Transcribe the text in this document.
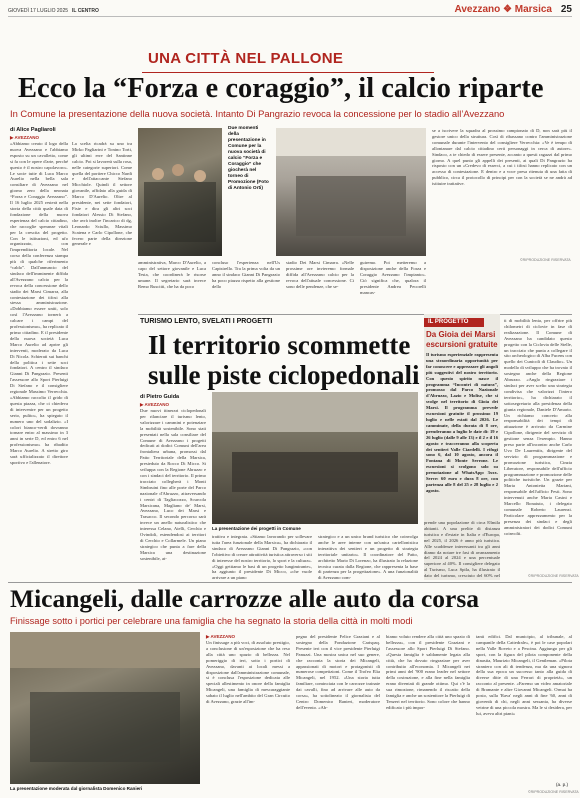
GIOVEDÌ 17 LUGLIO 2025 IL CENTRO	Avezzano ❖ Marsica 25
UNA CITTÀ NEL PALLONE
Ecco la “Forza e coraggio”, il calcio riparte
In Comune la presentazione della nuova società. Intanto Di Pangrazio revoca la concessione per lo stadio all’Avezzano
di Alice Pagliaroli
▶ AVEZZANO
«Abbiamo creato il logo della nuova Avezzano e l'abbiamo esposto su un cavalletto, come si fa con le opere d'arte, perché questo è il nostro capolavoro». Le socie tutte di Luca Marco Aurelio nella bella sala consiliare di Avezzano nel giorno zero della neonata “Forza e Coraggio Avezzano”. Il 16 luglio 2025 resterà nella storia della città quale data di fondazione della nuova esperienza del calcio cittadino, che raccoglie speranze vitali per la crescita del progetto. Con le istituzioni, ed ufo organizzato, con l'imprenditoria locale. Nel corso della conferenza stampa più di qualche riferimento “caldo”. Dall'annuncio del sindaco dell'imminente diffida all'Avezzano calcio per la revoca della concessione dello stadio dei Marsi Cimarra, alla contestazione dei tifosi alla stessa amministrazione. «Dobbiamo essere uniti, solo così l'Avezzano tornerà a calcare i campi del professionismo», ha replicato il primo cittadino. E il presidente della nuova società Luca Marco Aurelio ad aprire gli interventi, moderato da Luca Di Nicola. Schierati sui banchi della politica i sette soci fondatori. A centro il sindaco Gianni Di Pangrazio. Presenti l'assessore allo Sport Pierluigi Di Stefano e il consigliere regionale Massimo Verrecchia. «Abbiamo raccolto il grido di questa piazza, che ci chiedeva di intervenire per un progetto serio, pulito», ha spiegato il numero uno del sodalizio. «I colori bianco-verdi dovranno tornare entro al massimo in 3 anni in serie D, ed entro 6 nel professionismo» ha ribadito Marco Aurelio. A stretto giro sarà ufficializzato il direttore sportivo e l'allenatore.
La scelta ricadrà su uno tra Mirko Pagliarini e Tonino Torti, gli ultimi erre del Santinne calcio. Poi si lavorerà sulla rosa, nelle categorie superiori. Come quella del portiere Chicco Nardi e dell'attaccante Stefano Micchiole. Quindi il settore giovanile, affidato alla guida di Marco D'Aurelio. Oltre al presidente, nei sette fondatori, Fisie e dira gli altri soci fondatori Alessio Di Stefano, che avrà inoltre l'incarico di dg, Leonardo Sciullo, Massimo Scatena e Carlo Cipollone, che fecero parte della direzione generale e
Due momenti della presentazione in Comune per la nuova società di calcio “Forza e Coraggio” che giocherà nel torneo di Promozione (Foto di Antonio Orti)
amministrativa, Marco D'Aurelio, a capo del settore giovanile e Luca Testa, che coordinerà le risorse umane. Il segretario sarà invece Remo Ruscitti, che ha da poco
concluso l'esperienza nell'Us Capistrello. Tra la prima volta da un anno il sindaco Gianni Di Pangrazio ha poco piazza rispetto alla gestione dello
stadio Dei Marsi Cimarra. «Nelle prossime ore invieremo formale diffida all'Avezzano calcio per la revoca dell'attuale concessione. Ci sono delle pendenze, che se-
guiremo. Poi metteremo a disposizione anche della Forza e Coraggio Avezzano l'impianto». Ciò significa che, qualora il presidente Andrea Pecorelli mancas-
se a iscrivere la squadra al prossimo campionato di D, non sarà più il gestore unico della struttura. Così di ribassano contro l'amministrazione comunale durante l'intervento del consigliere Verrecchia: «Ve è tempo di allontanare dal calcio cittadino certi personaggi in cerca di autore». Sindaco, a te chiedo di essere presente, accanto a questi ragazzi dal primo giorno. A quel punto gli appelli dei presenti, ai quali Di Pangrazio ha risposto con un «Credevo di esserci, a cui i tifosi hanno replicato con un accesso di contestazione. E dentro e a voce presa ritenuta di una fatta di pubblico, circa il protocollo di principi per con la società se ne andrà ad istituire trattative.
©RIPRODUZIONE RISERVATA
TURISMO LENTO, SVELATI I PROGETTI
Il territorio scommette
sulle piste ciclopedonali
di Pietro Guida
▶ AVEZZANO
Due nuovi itinerari ciclopedonali per rilanciare il turismo lento, valorizzare i cammini e potenziare la mobilità sostenibile. Sono stati presentati nella sala consiliare del Comune di Avezzano i progetti dedicati ai dodici Comuni dell'area frontaliera urbana, promossi dal Patto Territoriale della Marsica, presieduto da Rocco Di Micco. Si sviluppa con la Regione Abruzzo e con i sindaci del territorio. Il primo tracciato collegherà i Monti Simbruini fino alle porte del Parco nazionale d'Abruzzo, attraversando i centri di Tagliacozzo, Scurcola Marsicana, Magliano de' Marsi, Avezzano, Luco dei Marsi e Trasacco. Il secondo percorso sarà invece un anello naturalistico che interessa Celano, Aielli, Cerchio e Ovindoli, estendendosi ai territori di Cerchio e Collarmele. Un piano strategico che punta a fare della Marsica una destinazione sostenibile, at-
La presentazione dei progetti in Comune
trattiva e integrata. «Stiamo lavorando per sollevare tutta l'area funzionale della Marsica», ha dichiarato il sindaco di Avezzano Gianni Di Pangrazio, «con l'obiettivo di creare attrattività turistica attraverso i siti di interesse del nostro territorio, lo sport e la cultura». «Oggi gettiamo le basi di un progetto lungimirante», ha aggiunto il presidente Di Micco, «che vuole arrivare a un piano
strategico e a un unico brand turistico che coinvolga anche le aree interne con un'unica cartellonistica interattiva dei sentieri e un progetto di strategia territoriale unitario». Il coordinatore del Patto, architetto Mario Di Lorenzo, ha illustrato la relazione tecnica curata dalla Regione, che rappresenta la base di partenza per la progettazione». A una funzionalità di Avezzano com-
IL PROGETTO
Da Gioia dei Marsi
escursioni gratuite
Il turismo esperienziale rappresenta una straordinaria opportunità per far conoscere e apprezzare gli angoli più suggestivi del nostro territorio. Con questo spirito nasce il programma “Incontri di natura”, promosso dal Parco Nazionale d'Abruzzo, Lazio e Molise, che si svolge nel territorio di Gioia dei Marsi. Il programma prevede escursioni gratuite il prossimo 19 luglio e nelle estati dal 2026. Le camminate, della durata di 8 ore, prenderanno a luglio le date di: 19 e 26 luglio (dalle 9 alle 13) e il 2 e il 16 agosto e tracceranno alla scoperta dei sentieri Valle Ciardelli. I rifugi sono 6, dal 10 agosto, ancora il Fontana di Monte Serrone. Le escursioni si svolgono solo su prenotazione al WhatsApp: 3xxx. Serve: 60 euro e dura 8 ore, con partenza alle 8 del 25 e 28 luglio e 2 agosto.
prende una popolazione di circa 83mila abitanti. A una prelite di distanza turistica e d'estate in Italia e d'Europa, nel 2025, il 2026 è anno più turistica. Alle scaddenze interessanti tra gli anni diamo da notare tre fasi di avanzamento del 2024 al 2024 e una percentuale superiore al 40%. Il consigliere delegato al Turismo, Luca Spila, ha illustrato il dato del turismo, cresciuto del 60% nel
ti di mobilità lenta, per offrire più chilometri di ciclovie in fase di realizzazione. Il Comune di Avezzano ha candidato questo progetto con la Ciclovia delle Stelle, un tracciato che punta a collegare il sito archeologico di Alba Fucens con quello dei Cunicoli di Claudio». Un modello di sviluppo che ha trovato il sostegno anche della Regione Abruzzo. «Anglo ringraziare i sindaci per aver scelto una strategia condivisa che valorizzi l'intero territorio», ha dichiarato il sottosegretario alla presidenza della giunta regionale, Daniele D'Amario. Un richiamo concreto alla responsabilità dei tempi di attuazione è arrivato da Carmine Cipollone, dirigente del servizio di gestione senza l'esempio. Hanno preso parte all'incontro anche Carlo Uvo De Laurentiis, dirigente del servizio di programmazione e promozione turistica, Cinzia Liberatore, responsabile dell'ufficio programmazione e promozione delle politiche turistiche. Un grazie per Maria Antonietta Mariani, responsabile dell'ufficio Festi. Sono intervenuti anche Maria Casini e Marcello Bonaiuto, i delegato comunale Roberto Laurenzi. Particolare apprezzamento per la presenza dei sindaci e degli amministratori dei dodici Comuni coinvolti.
©RIPRODUZIONE RISERVATA
Micangeli, dalle carrozze alle auto da corsa
Finissage sotto i portici per celebrare una famiglia che ha segnato la storia della città in molti modi
La presentazione moderata dal giornalista Domenico Ranieri
▶ AVEZZANO
Un finissage a più voci, di assoluto prestigio, a conclusione di un'esposizione che ha reso alla città uno spazio di bellezza. Nel pomeriggio di ieri, sotto i portici di Avezzano, davanti ai locali messi a disposizione dall'amministrazione comunale, si è conclusa l'esposizione dedicata alle speciali allestimento in onore della famiglia Micangeli, una famiglia di mescaraggiante sabato il luglio nell'ambito del Gran Circuito di Avezzano, grazie all'im-
pegno del presidente Felice Graziani e al sostegno della Fondazione Carispaq. Presente ieri con il vice presidente Pierluigi Panuzzi. Una mostra unica nel suo genere, che racconta la storia dei Micangeli, appassionati di motori e protagonisti di numerose competizioni. Come il Trofeo Elia Micangeli, nel 1952. «Una storia tutta familiare, cominciata con le carrozze trainate dai cavalli, fino ad arrivare alle auto da corsa», ha sottolineato il giornalista del Centro Domenico Ranieri, moderatore dell'evento. «Ab-
biamo voluto rendere alla città uno spazio di bellezza», con il presidente Graziani e l'assessore allo Sport Pierluigi Di Stefano. «Questa famiglia è saldamente legata alla città, che ha dovuto ringraziare per aver contribuito all'economia. I Micangeli nei primi anni del '900 erano leader nel settore della costruzione, e alla fine nella famiglia erano diventati di grande ottimo. Qui c'è la sua rimozione, rimanendo il riscatto della famiglia e anche un sostenitore la Pierluigi di Tenzeri nel territorio. Sono colore che hanno edificato i più impor-
tanti edifici. Dal municipio, al tribunale, al campanile della Cattedrale», è poi le case popolari nella Valle Roveto e a Pescina. Aggiungo per gli sport, con la figura del pilota componente della dinastia, Maurizio Micangeli, il Gentleman. «Pilota straniero con ali di tendenza, ma da una signora della sua epoca un successo tanto alla guida di diverse ditte di una Ferrari di proprietà», un racconto al presente. «Faremo un video amatoriale di Bramante e altre Giovanni Micangeli. Ormai ha posto, sulla 'Rava' negli anni di fine '60, anni di gioventù di chi, negli anni sessanta, ha diverse vetrine di una piccola mostra. Ma le si desidera, per lui, aveva altri piani»
(a. p.)
©RIPRODUZIONE RISERVATA
